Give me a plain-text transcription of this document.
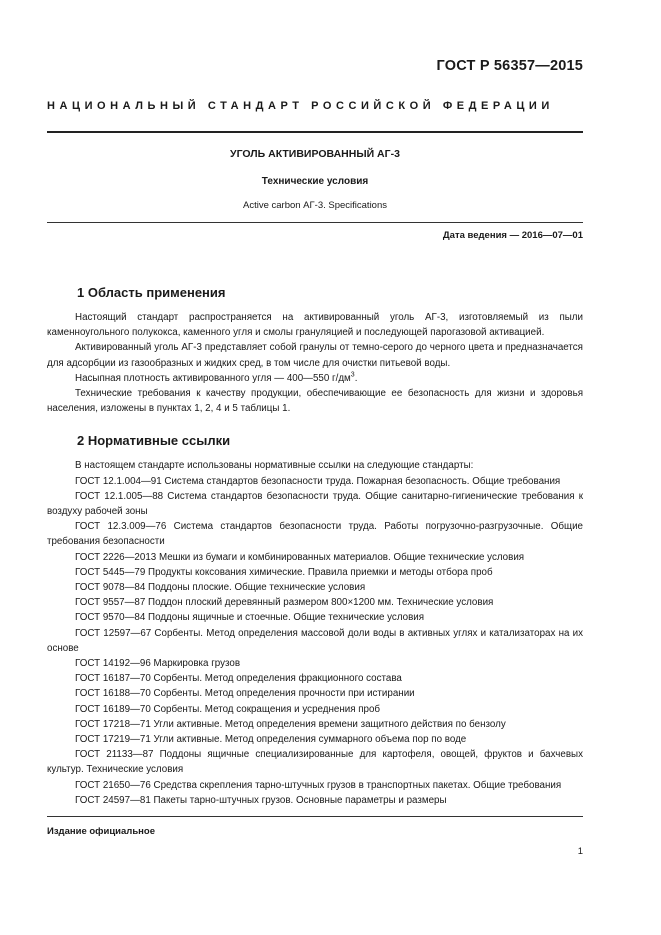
ГОСТ Р 56357—2015
НАЦИОНАЛЬНЫЙ СТАНДАРТ РОССИЙСКОЙ ФЕДЕРАЦИИ
УГОЛЬ АКТИВИРОВАННЫЙ АГ-3
Технические условия
Active carbon АГ-3. Specifications
Дата ведения — 2016—07—01
1 Область применения

Настоящий стандарт распространяется на активированный уголь АГ-3, изготовляемый из пыли каменноугольного полукокса, каменного угля и смолы грануляцией и последующей парогазовой активацией.

Активированный уголь АГ-3 представляет собой гранулы от темно-серого до черного цвета и предназначается для адсорбции из газообразных и жидких сред, в том числе для очистки питьевой воды.

Насыпная плотность активированного угля — 400—550 $г/дм^3$.

Технические требования к качеству продукции, обеспечивающие ее безопасность для жизни и здоровья населения, изложены в пунктах 1, 2, 4 и 5 таблицы 1.

2 Нормативные ссылки

В настоящем стандарте использованы нормативные ссылки на следующие стандарты:

ГОСТ 12.1.004—91 Система стандартов безопасности труда. Пожарная безопасность. Общие требования

ГОСТ 12.1.005—88 Система стандартов безопасности труда. Общие санитарно-гигиенические требования к воздуху рабочей зоны

ГОСТ 12.3.009—76 Система стандартов безопасности труда. Работы погрузочно-разгрузочные. Общие требования безопасности

ГОСТ 2226—2013 Мешки из бумаги и комбинированных материалов. Общие технические условия

ГОСТ 5445—79 Продукты коксования химические. Правила приемки и методы отбора проб

ГОСТ 9078—84 Поддоны плоские. Общие технические условия

ГОСТ 9557—87 Поддон плоский деревянный размером 800×1200 мм. Технические условия

ГОСТ 9570—84 Поддоны ящичные и стоечные. Общие технические условия

ГОСТ 12597—67 Сорбенты. Метод определения массовой доли воды в активных углях и катализаторах на их основе

ГОСТ 14192—96 Маркировка грузов

ГОСТ 16187—70 Сорбенты. Метод определения фракционного состава

ГОСТ 16188—70 Сорбенты. Метод определения прочности при истирании

ГОСТ 16189—70 Сорбенты. Метод сокращения и усреднения проб

ГОСТ 17218—71 Угли активные. Метод определения времени защитного действия по бензолу

ГОСТ 17219—71 Угли активные. Метод определения суммарного объема пор по воде

ГОСТ 21133—87 Поддоны ящичные специализированные для картофеля, овощей, фруктов и бахчевых культур. Технические условия

ГОСТ 21650—76 Средства скрепления тарно-штучных грузов в транспортных пакетах. Общие требования

ГОСТ 24597—81 Пакеты тарно-штучных грузов. Основные параметры и размеры

Издание официальное
1
